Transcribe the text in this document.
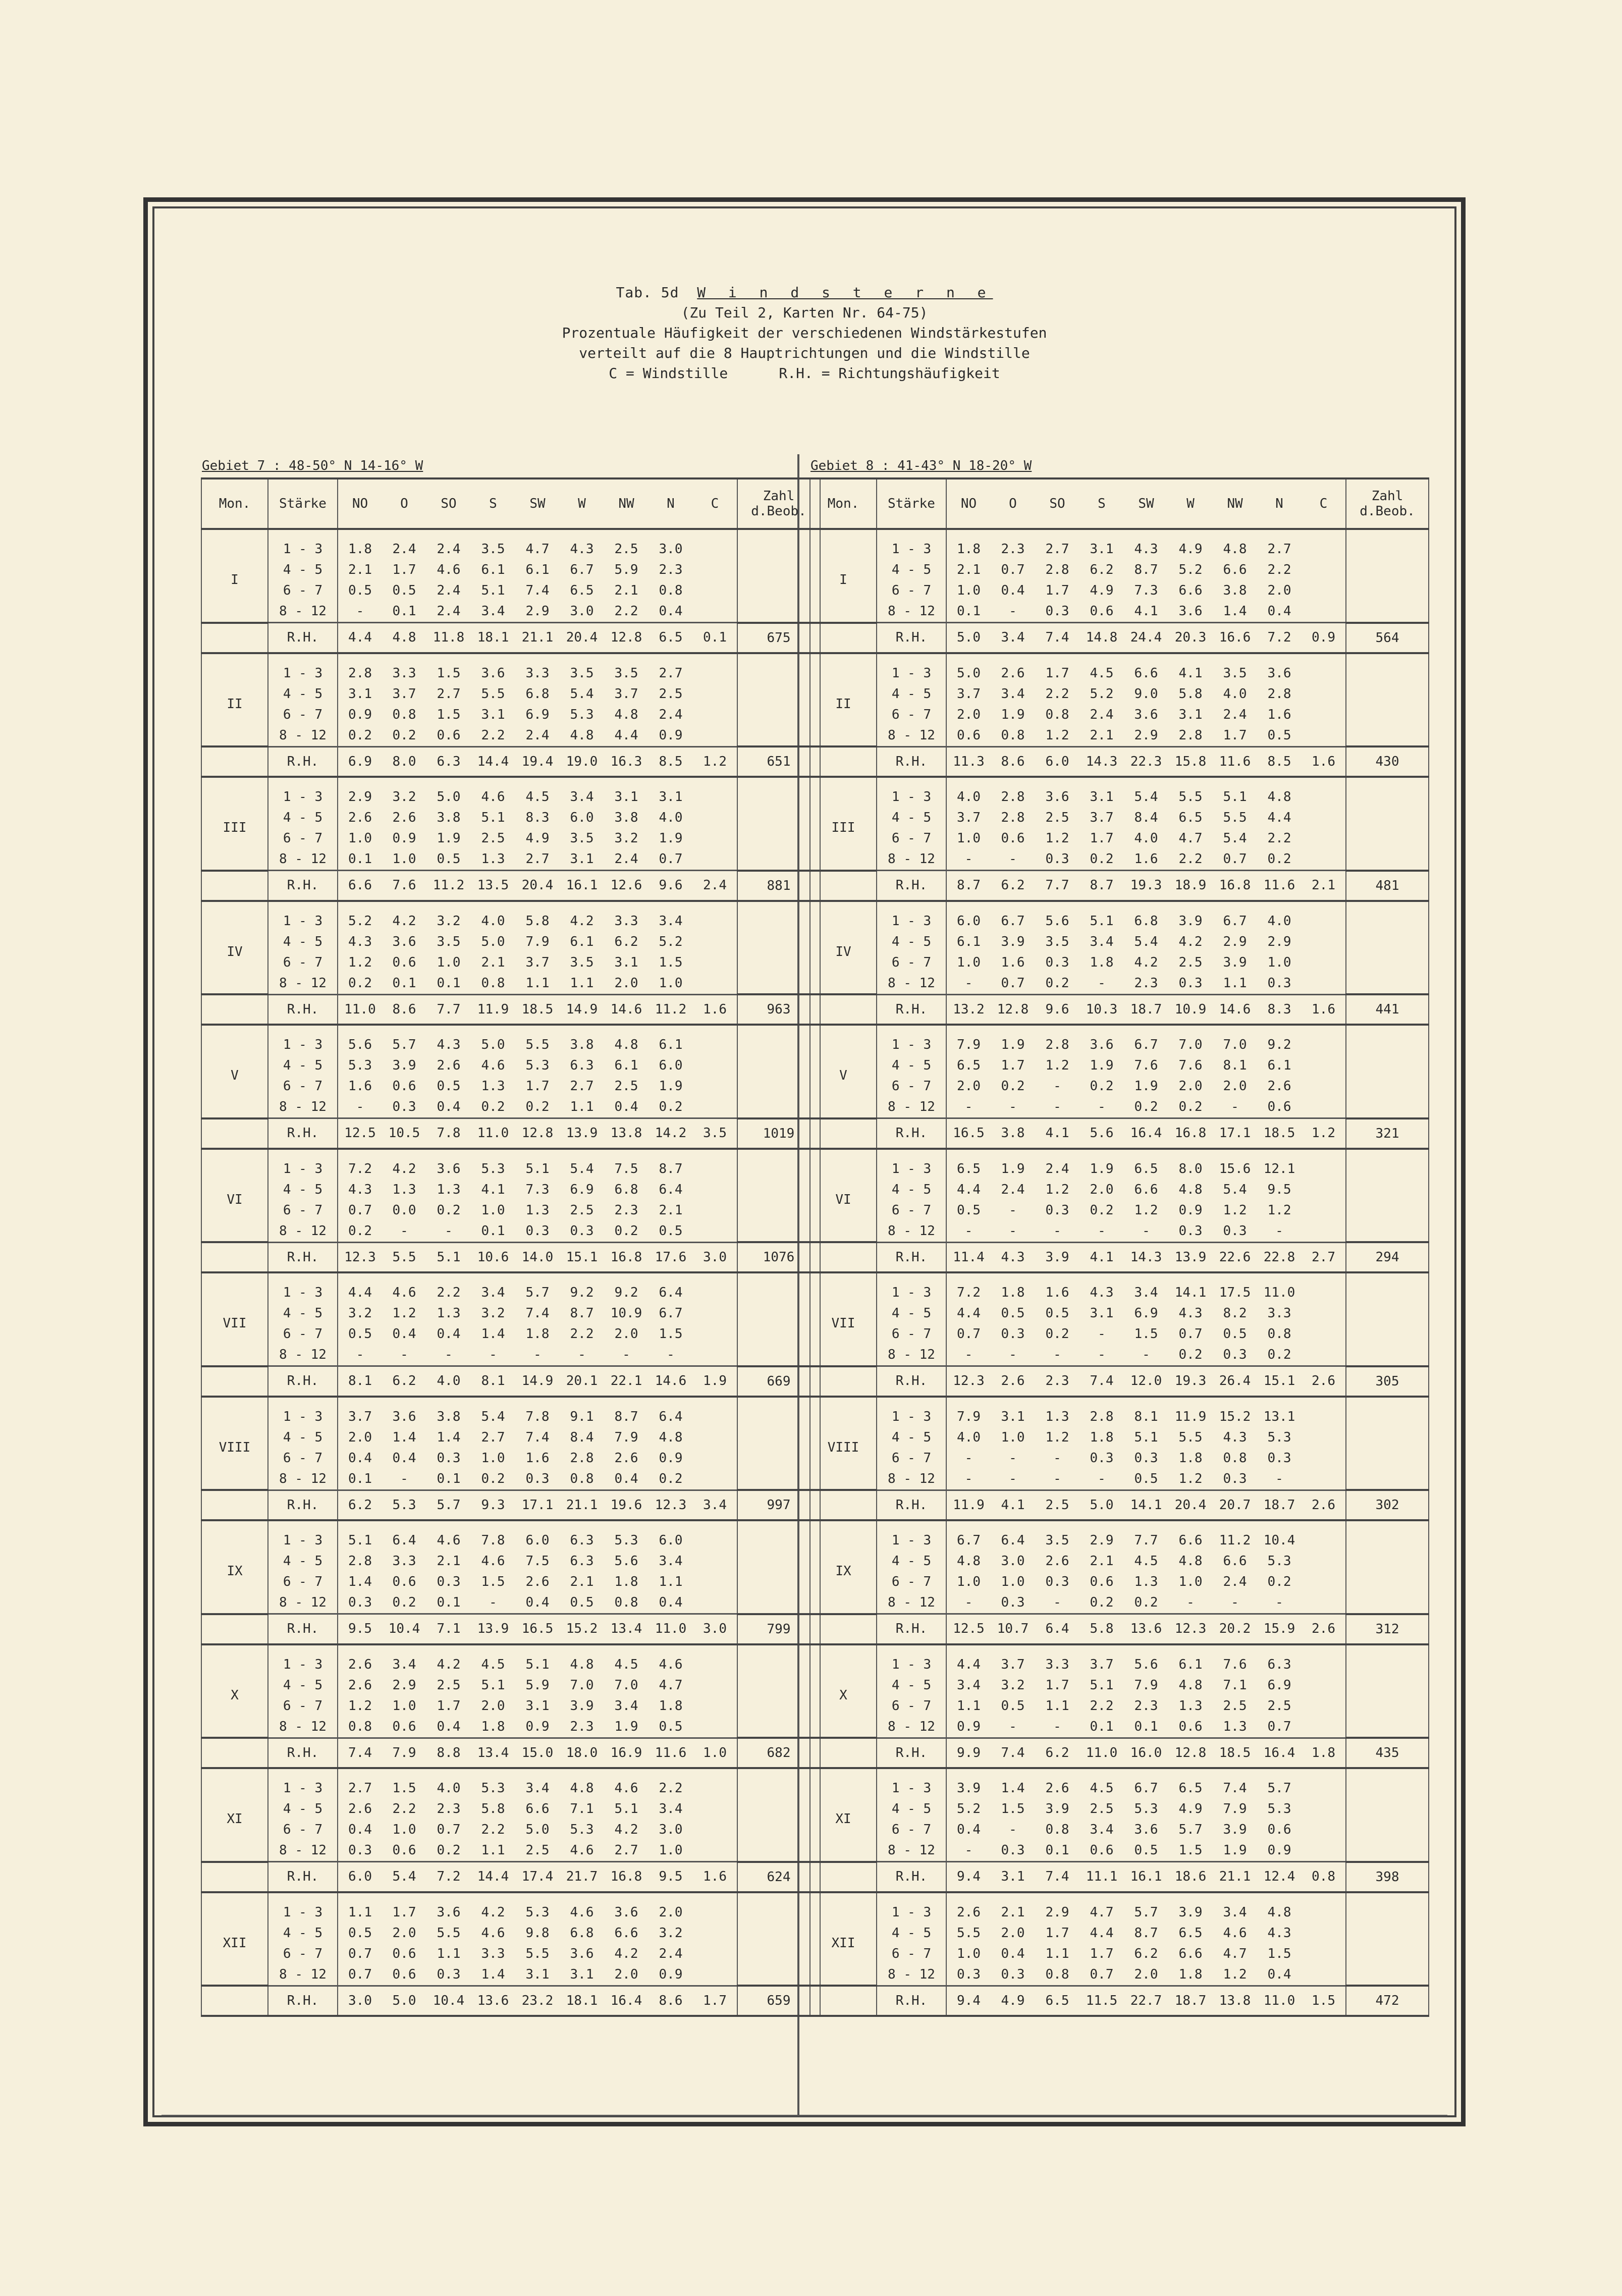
Tab. 5d W i n d s t e r n e
(Zu Teil 2, Karten Nr. 64-75)
Prozentuale Häufigkeit der verschiedenen Windstärkestufen
verteilt auf die 8 Hauptrichtungen und die Windstille
C = Windstille      R.H. = Richtungshäufigkeit
Gebiet 7 : 48-50° N 14-16° W
Mon.	Stärke	NO	O	SO	S	SW	W	NW	N	C	Zahl
d.Beob.

I	1 - 3	1.8	2.4	2.4	3.5	4.7	4.3	2.5	3.0		
	4 - 5	2.1	1.7	4.6	6.1	6.1	6.7	5.9	2.3		
	6 - 7	0.5	0.5	2.4	5.1	7.4	6.5	2.1	0.8		
	8 - 12	-	0.1	2.4	3.4	2.9	3.0	2.2	0.4		
	R.H.	4.4	4.8	11.8	18.1	21.1	20.4	12.8	6.5	0.1	675
II	1 - 3	2.8	3.3	1.5	3.6	3.3	3.5	3.5	2.7		
	4 - 5	3.1	3.7	2.7	5.5	6.8	5.4	3.7	2.5		
	6 - 7	0.9	0.8	1.5	3.1	6.9	5.3	4.8	2.4		
	8 - 12	0.2	0.2	0.6	2.2	2.4	4.8	4.4	0.9		
	R.H.	6.9	8.0	6.3	14.4	19.4	19.0	16.3	8.5	1.2	651
III	1 - 3	2.9	3.2	5.0	4.6	4.5	3.4	3.1	3.1		
	4 - 5	2.6	2.6	3.8	5.1	8.3	6.0	3.8	4.0		
	6 - 7	1.0	0.9	1.9	2.5	4.9	3.5	3.2	1.9		
	8 - 12	0.1	1.0	0.5	1.3	2.7	3.1	2.4	0.7		
	R.H.	6.6	7.6	11.2	13.5	20.4	16.1	12.6	9.6	2.4	881
IV	1 - 3	5.2	4.2	3.2	4.0	5.8	4.2	3.3	3.4		
	4 - 5	4.3	3.6	3.5	5.0	7.9	6.1	6.2	5.2		
	6 - 7	1.2	0.6	1.0	2.1	3.7	3.5	3.1	1.5		
	8 - 12	0.2	0.1	0.1	0.8	1.1	1.1	2.0	1.0		
	R.H.	11.0	8.6	7.7	11.9	18.5	14.9	14.6	11.2	1.6	963
V	1 - 3	5.6	5.7	4.3	5.0	5.5	3.8	4.8	6.1		
	4 - 5	5.3	3.9	2.6	4.6	5.3	6.3	6.1	6.0		
	6 - 7	1.6	0.6	0.5	1.3	1.7	2.7	2.5	1.9		
	8 - 12	-	0.3	0.4	0.2	0.2	1.1	0.4	0.2		
	R.H.	12.5	10.5	7.8	11.0	12.8	13.9	13.8	14.2	3.5	1019
VI	1 - 3	7.2	4.2	3.6	5.3	5.1	5.4	7.5	8.7		
	4 - 5	4.3	1.3	1.3	4.1	7.3	6.9	6.8	6.4		
	6 - 7	0.7	0.0	0.2	1.0	1.3	2.5	2.3	2.1		
	8 - 12	0.2	-	-	0.1	0.3	0.3	0.2	0.5		
	R.H.	12.3	5.5	5.1	10.6	14.0	15.1	16.8	17.6	3.0	1076
VII	1 - 3	4.4	4.6	2.2	3.4	5.7	9.2	9.2	6.4		
	4 - 5	3.2	1.2	1.3	3.2	7.4	8.7	10.9	6.7		
	6 - 7	0.5	0.4	0.4	1.4	1.8	2.2	2.0	1.5		
	8 - 12	-	-	-	-	-	-	-	-		
	R.H.	8.1	6.2	4.0	8.1	14.9	20.1	22.1	14.6	1.9	669
VIII	1 - 3	3.7	3.6	3.8	5.4	7.8	9.1	8.7	6.4		
	4 - 5	2.0	1.4	1.4	2.7	7.4	8.4	7.9	4.8		
	6 - 7	0.4	0.4	0.3	1.0	1.6	2.8	2.6	0.9		
	8 - 12	0.1	-	0.1	0.2	0.3	0.8	0.4	0.2		
	R.H.	6.2	5.3	5.7	9.3	17.1	21.1	19.6	12.3	3.4	997
IX	1 - 3	5.1	6.4	4.6	7.8	6.0	6.3	5.3	6.0		
	4 - 5	2.8	3.3	2.1	4.6	7.5	6.3	5.6	3.4		
	6 - 7	1.4	0.6	0.3	1.5	2.6	2.1	1.8	1.1		
	8 - 12	0.3	0.2	0.1	-	0.4	0.5	0.8	0.4		
	R.H.	9.5	10.4	7.1	13.9	16.5	15.2	13.4	11.0	3.0	799
X	1 - 3	2.6	3.4	4.2	4.5	5.1	4.8	4.5	4.6		
	4 - 5	2.6	2.9	2.5	5.1	5.9	7.0	7.0	4.7		
	6 - 7	1.2	1.0	1.7	2.0	3.1	3.9	3.4	1.8		
	8 - 12	0.8	0.6	0.4	1.8	0.9	2.3	1.9	0.5		
	R.H.	7.4	7.9	8.8	13.4	15.0	18.0	16.9	11.6	1.0	682
XI	1 - 3	2.7	1.5	4.0	5.3	3.4	4.8	4.6	2.2		
	4 - 5	2.6	2.2	2.3	5.8	6.6	7.1	5.1	3.4		
	6 - 7	0.4	1.0	0.7	2.2	5.0	5.3	4.2	3.0		
	8 - 12	0.3	0.6	0.2	1.1	2.5	4.6	2.7	1.0		
	R.H.	6.0	5.4	7.2	14.4	17.4	21.7	16.8	9.5	1.6	624
XII	1 - 3	1.1	1.7	3.6	4.2	5.3	4.6	3.6	2.0		
	4 - 5	0.5	2.0	5.5	4.6	9.8	6.8	6.6	3.2		
	6 - 7	0.7	0.6	1.1	3.3	5.5	3.6	4.2	2.4		
	8 - 12	0.7	0.6	0.3	1.4	3.1	3.1	2.0	0.9		
	R.H.	3.0	5.0	10.4	13.6	23.2	18.1	16.4	8.6	1.7	659
Gebiet 8 : 41-43° N 18-20° W
Mon.	Stärke	NO	O	SO	S	SW	W	NW	N	C	Zahl
d.Beob.

I	1 - 3	1.8	2.3	2.7	3.1	4.3	4.9	4.8	2.7		
	4 - 5	2.1	0.7	2.8	6.2	8.7	5.2	6.6	2.2		
	6 - 7	1.0	0.4	1.7	4.9	7.3	6.6	3.8	2.0		
	8 - 12	0.1	-	0.3	0.6	4.1	3.6	1.4	0.4		
	R.H.	5.0	3.4	7.4	14.8	24.4	20.3	16.6	7.2	0.9	564
II	1 - 3	5.0	2.6	1.7	4.5	6.6	4.1	3.5	3.6		
	4 - 5	3.7	3.4	2.2	5.2	9.0	5.8	4.0	2.8		
	6 - 7	2.0	1.9	0.8	2.4	3.6	3.1	2.4	1.6		
	8 - 12	0.6	0.8	1.2	2.1	2.9	2.8	1.7	0.5		
	R.H.	11.3	8.6	6.0	14.3	22.3	15.8	11.6	8.5	1.6	430
III	1 - 3	4.0	2.8	3.6	3.1	5.4	5.5	5.1	4.8		
	4 - 5	3.7	2.8	2.5	3.7	8.4	6.5	5.5	4.4		
	6 - 7	1.0	0.6	1.2	1.7	4.0	4.7	5.4	2.2		
	8 - 12	-	-	0.3	0.2	1.6	2.2	0.7	0.2		
	R.H.	8.7	6.2	7.7	8.7	19.3	18.9	16.8	11.6	2.1	481
IV	1 - 3	6.0	6.7	5.6	5.1	6.8	3.9	6.7	4.0		
	4 - 5	6.1	3.9	3.5	3.4	5.4	4.2	2.9	2.9		
	6 - 7	1.0	1.6	0.3	1.8	4.2	2.5	3.9	1.0		
	8 - 12	-	0.7	0.2	-	2.3	0.3	1.1	0.3		
	R.H.	13.2	12.8	9.6	10.3	18.7	10.9	14.6	8.3	1.6	441
V	1 - 3	7.9	1.9	2.8	3.6	6.7	7.0	7.0	9.2		
	4 - 5	6.5	1.7	1.2	1.9	7.6	7.6	8.1	6.1		
	6 - 7	2.0	0.2	-	0.2	1.9	2.0	2.0	2.6		
	8 - 12	-	-	-	-	0.2	0.2	-	0.6		
	R.H.	16.5	3.8	4.1	5.6	16.4	16.8	17.1	18.5	1.2	321
VI	1 - 3	6.5	1.9	2.4	1.9	6.5	8.0	15.6	12.1		
	4 - 5	4.4	2.4	1.2	2.0	6.6	4.8	5.4	9.5		
	6 - 7	0.5	-	0.3	0.2	1.2	0.9	1.2	1.2		
	8 - 12	-	-	-	-	-	0.3	0.3	-		
	R.H.	11.4	4.3	3.9	4.1	14.3	13.9	22.6	22.8	2.7	294
VII	1 - 3	7.2	1.8	1.6	4.3	3.4	14.1	17.5	11.0		
	4 - 5	4.4	0.5	0.5	3.1	6.9	4.3	8.2	3.3		
	6 - 7	0.7	0.3	0.2	-	1.5	0.7	0.5	0.8		
	8 - 12	-	-	-	-	-	0.2	0.3	0.2		
	R.H.	12.3	2.6	2.3	7.4	12.0	19.3	26.4	15.1	2.6	305
VIII	1 - 3	7.9	3.1	1.3	2.8	8.1	11.9	15.2	13.1		
	4 - 5	4.0	1.0	1.2	1.8	5.1	5.5	4.3	5.3		
	6 - 7	-	-	-	0.3	0.3	1.8	0.8	0.3		
	8 - 12	-	-	-	-	0.5	1.2	0.3	-		
	R.H.	11.9	4.1	2.5	5.0	14.1	20.4	20.7	18.7	2.6	302
IX	1 - 3	6.7	6.4	3.5	2.9	7.7	6.6	11.2	10.4		
	4 - 5	4.8	3.0	2.6	2.1	4.5	4.8	6.6	5.3		
	6 - 7	1.0	1.0	0.3	0.6	1.3	1.0	2.4	0.2		
	8 - 12	-	0.3	-	0.2	0.2	-	-	-		
	R.H.	12.5	10.7	6.4	5.8	13.6	12.3	20.2	15.9	2.6	312
X	1 - 3	4.4	3.7	3.3	3.7	5.6	6.1	7.6	6.3		
	4 - 5	3.4	3.2	1.7	5.1	7.9	4.8	7.1	6.9		
	6 - 7	1.1	0.5	1.1	2.2	2.3	1.3	2.5	2.5		
	8 - 12	0.9	-	-	0.1	0.1	0.6	1.3	0.7		
	R.H.	9.9	7.4	6.2	11.0	16.0	12.8	18.5	16.4	1.8	435
XI	1 - 3	3.9	1.4	2.6	4.5	6.7	6.5	7.4	5.7		
	4 - 5	5.2	1.5	3.9	2.5	5.3	4.9	7.9	5.3		
	6 - 7	0.4	-	0.8	3.4	3.6	5.7	3.9	0.6		
	8 - 12	-	0.3	0.1	0.6	0.5	1.5	1.9	0.9		
	R.H.	9.4	3.1	7.4	11.1	16.1	18.6	21.1	12.4	0.8	398
XII	1 - 3	2.6	2.1	2.9	4.7	5.7	3.9	3.4	4.8		
	4 - 5	5.5	2.0	1.7	4.4	8.7	6.5	4.6	4.3		
	6 - 7	1.0	0.4	1.1	1.7	6.2	6.6	4.7	1.5		
	8 - 12	0.3	0.3	0.8	0.7	2.0	1.8	1.2	0.4		
	R.H.	9.4	4.9	6.5	11.5	22.7	18.7	13.8	11.0	1.5	472
